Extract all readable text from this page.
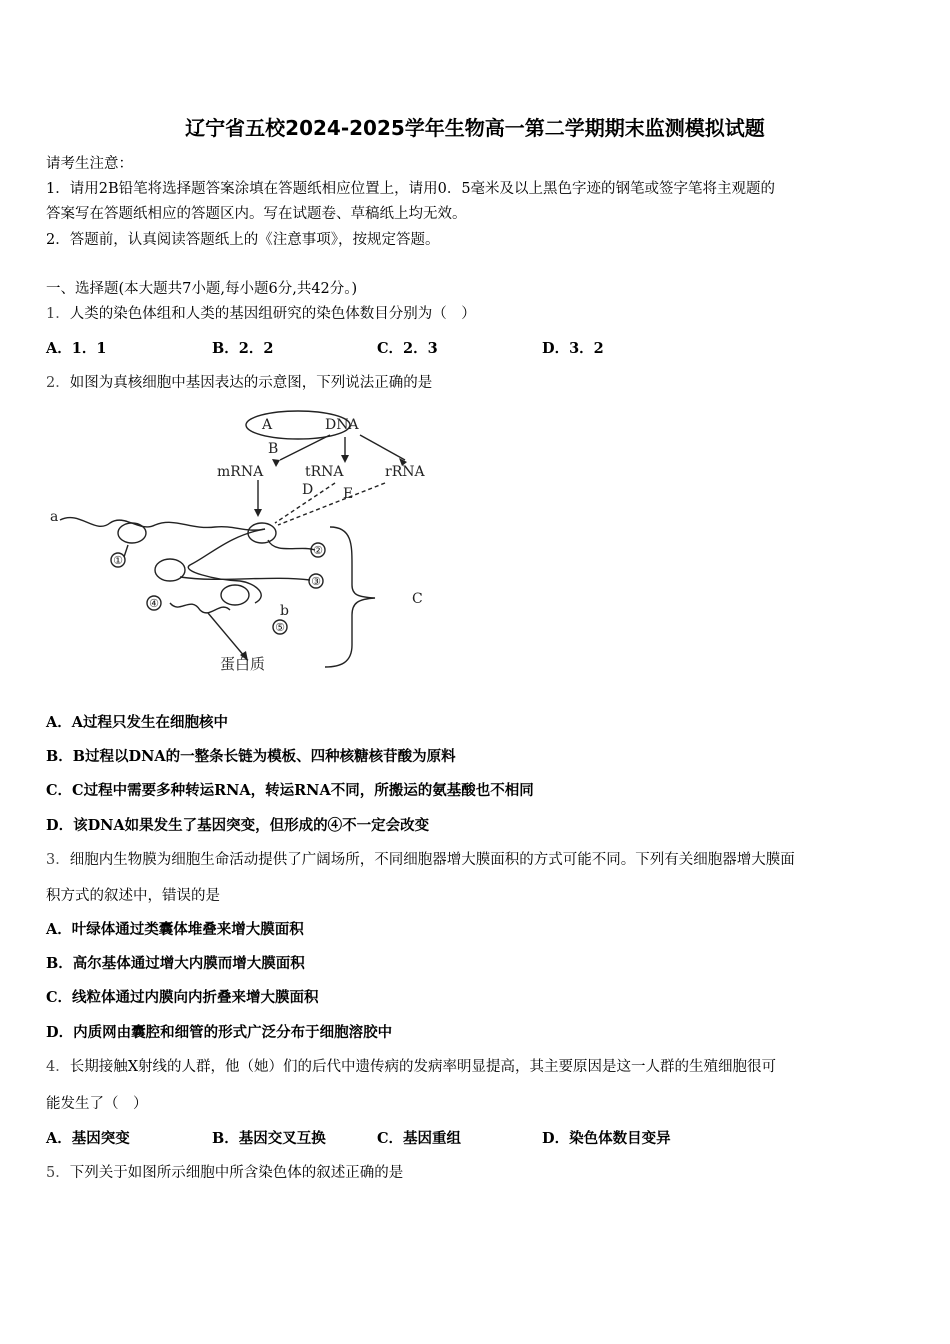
辽宁省五校2024-2025学年生物高一第二学期期末监测模拟试题
请考生注意：
1．请用2B铅笔将选择题答案涂填在答题纸相应位置上，请用0．5毫米及以上黑色字迹的钢笔或签字笔将主观题的
答案写在答题纸相应的答题区内。写在试题卷、草稿纸上均无效。
2．答题前，认真阅读答题纸上的《注意事项》，按规定答题。
一、选择题(本大题共7小题,每小题6分,共42分。)
1．人类的染色体组和人类的基因组研究的染色体数目分别为（　）
A．1．1	B．2．2	C．2．3	D．3．2
2．如图为真核细胞中基因表达的示意图，下列说法正确的是
A	DNA
B
mRNA	tRNA	rRNA
D E
a
b
C
蛋白质
①
②
③
④
⑤
A．A过程只发生在细胞核中
B．B过程以DNA的一整条长链为模板、四种核糖核苷酸为原料
C．C过程中需要多种转运RNA，转运RNA不同，所搬运的氨基酸也不相同
D．该DNA如果发生了基因突变，但形成的④不一定会改变
3．细胞内生物膜为细胞生命活动提供了广阔场所，不同细胞器增大膜面积的方式可能不同。下列有关细胞器增大膜面
积方式的叙述中，错误的是
A．叶绿体通过类囊体堆叠来增大膜面积
B．高尔基体通过增大内膜而增大膜面积
C．线粒体通过内膜向内折叠来增大膜面积
D．内质网由囊腔和细管的形式广泛分布于细胞溶胶中
4．长期接触X射线的人群，他（她）们的后代中遗传病的发病率明显提高，其主要原因是这一人群的生殖细胞很可
能发生了（　）
A．基因突变	B．基因交叉互换	C．基因重组	D．染色体数目变异
5．下列关于如图所示细胞中所含染色体的叙述正确的是
